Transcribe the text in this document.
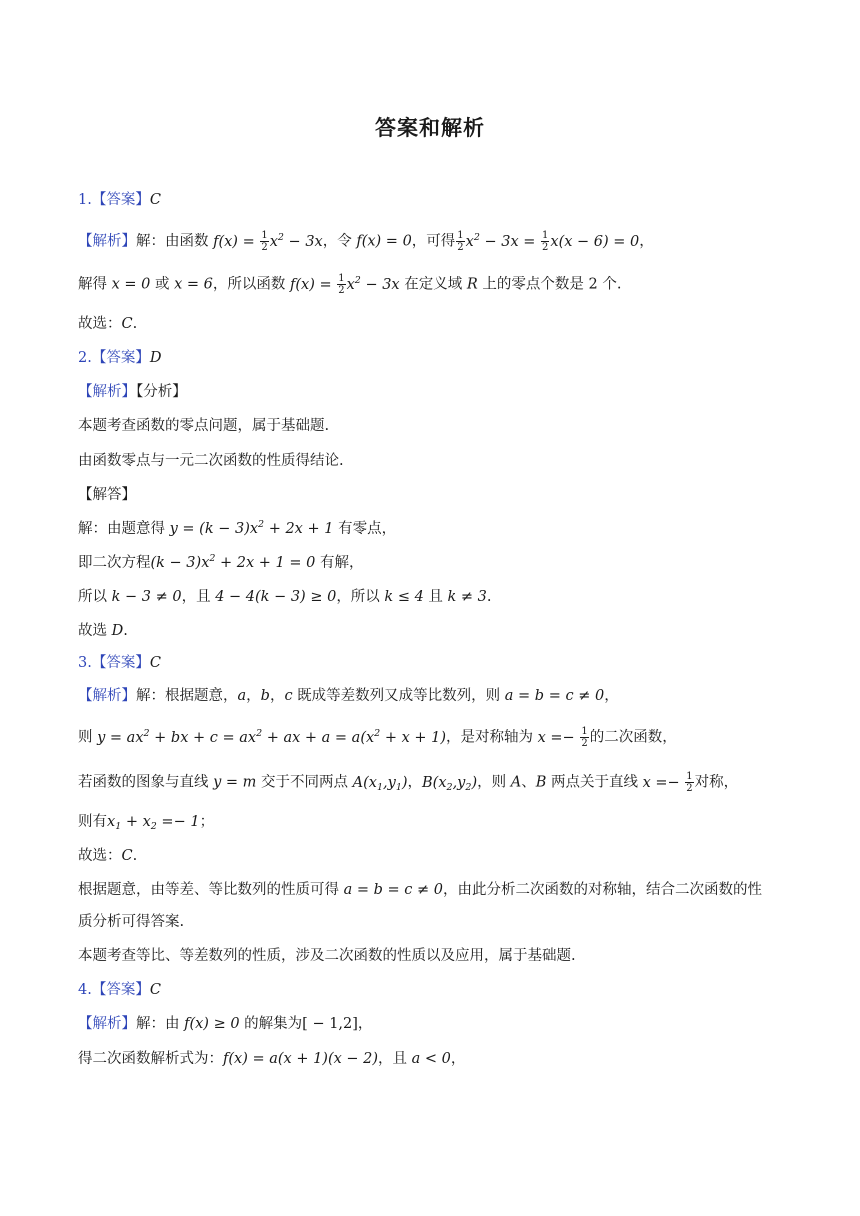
答案和解析
1.【答案】C
【解析】解：由函数 $f(x) = \frac{1}{2} x^2 - 3x$，令 f(x) = 0，可得 $\frac{1}{2} x^2 - 3x = \frac{1}{2} x(x - 6) = 0$，
解得 x = 0 或 x = 6，所以函数 $f(x) = \frac{1}{2} x^2 - 3x$ 在定义域 R 上的零点个数是 2 个.
故选：C.
2.【答案】D
【解析】【分析】
本题考查函数的零点问题，属于基础题.
由函数零点与一元二次函数的性质得结论.
【解答】
解：由题意得 $y = (k - 3)x^2 + 2x + 1$ 有零点，
即二次方程$(k - 3)x^2 + 2x + 1 = 0$ 有解，
所以 k − 3 ≠ 0，且 4 − 4(k − 3) ≥ 0，所以 k ≤ 4 且 k ≠ 3.
故选 D.
3.【答案】C
【解析】解：根据题意，a，b，c 既成等差数列又成等比数列，则 a = b = c ≠ 0，
则 $y = ax^2$ + bx + $c = ax^2$ + ax + $a = a(x^2 + x + 1)$，是对称轴为 $x =- \frac{1}{2}$ 的二次函数，
若函数的图象与直线 y = m 交于不同两点 $A(x_1,y_1)$，$B(x_2,y_2)$，则 A、B 两点关于直线 $x =- \frac{1}{2}$ 对称，
则有$x_1 + x_2 =- 1$；
故选：C.
根据题意，由等差、等比数列的性质可得 a = b = c ≠ 0，由此分析二次函数的对称轴，结合二次函数的性
质分析可得答案.
本题考查等比、等差数列的性质，涉及二次函数的性质以及应用，属于基础题.
4.【答案】C
【解析】解：由 f(x) ≥ 0 的解集为[ − 1,2]，
得二次函数解析式为：f(x) = a(x + 1)(x − 2)，且 a < 0，
